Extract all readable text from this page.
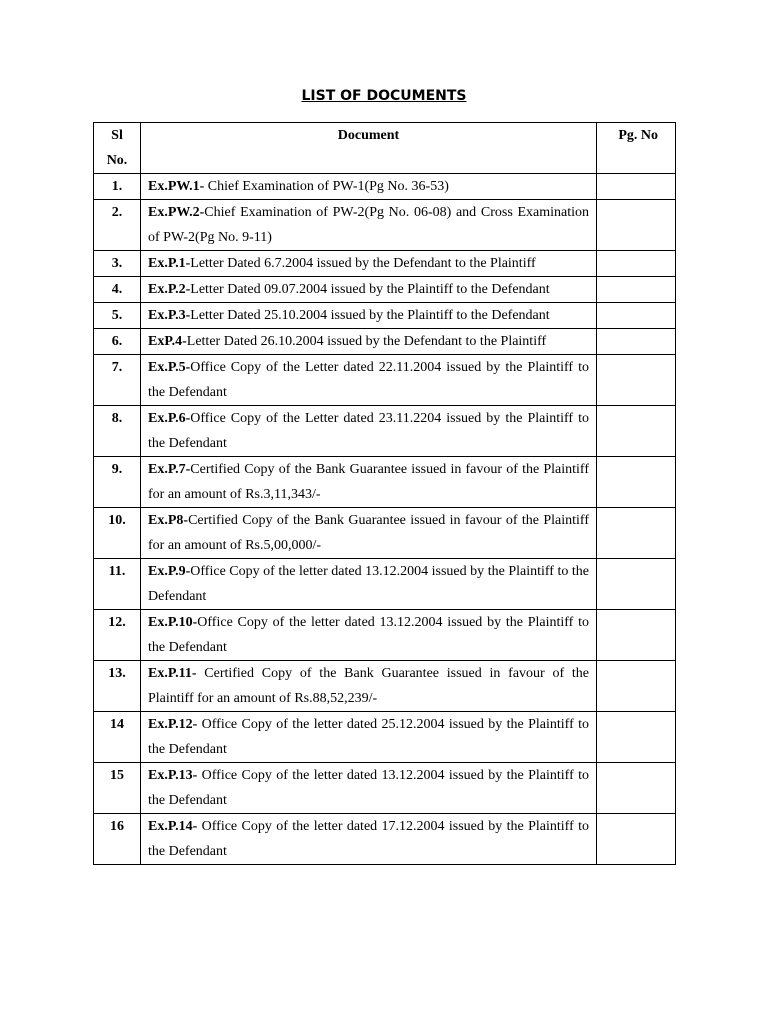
LIST OF DOCUMENTS
Sl No.	Document	Pg. No
1.	Ex.PW.1- Chief Examination of PW-1(Pg No. 36-53)	
2.	Ex.PW.2-Chief Examination of PW-2(Pg No. 06-08) and Cross Examination of PW-2(Pg No. 9-11)	
3.	Ex.P.1-Letter Dated 6.7.2004 issued by the Defendant to the Plaintiff	
4.	Ex.P.2-Letter Dated 09.07.2004 issued by the Plaintiff to the Defendant	
5.	Ex.P.3-Letter Dated 25.10.2004 issued by the Plaintiff to the Defendant	
6.	ExP.4-Letter Dated 26.10.2004 issued by the Defendant to the Plaintiff	
7.	Ex.P.5-Office Copy of the Letter dated 22.11.2004 issued by the Plaintiff to the Defendant	
8.	Ex.P.6-Office Copy of the Letter dated 23.11.2204 issued by the Plaintiff to the Defendant	
9.	Ex.P.7-Certified Copy of the Bank Guarantee issued in favour of the Plaintiff for an amount of Rs.3,11,343/-	
10.	Ex.P8-Certified Copy of the Bank Guarantee issued in favour of the Plaintiff for an amount of Rs.5,00,000/-	
11.	Ex.P.9-Office Copy of the letter dated 13.12.2004 issued by the Plaintiff to the Defendant	
12.	Ex.P.10-Office Copy of the letter dated 13.12.2004 issued by the Plaintiff to the Defendant	
13.	Ex.P.11- Certified Copy of the Bank Guarantee issued in favour of the Plaintiff for an amount of Rs.88,52,239/-	
14	Ex.P.12- Office Copy of the letter dated 25.12.2004 issued by the Plaintiff to the Defendant	
15	Ex.P.13- Office Copy of the letter dated 13.12.2004 issued by the Plaintiff to the Defendant	
16	Ex.P.14- Office Copy of the letter dated 17.12.2004 issued by the Plaintiff to the Defendant	
